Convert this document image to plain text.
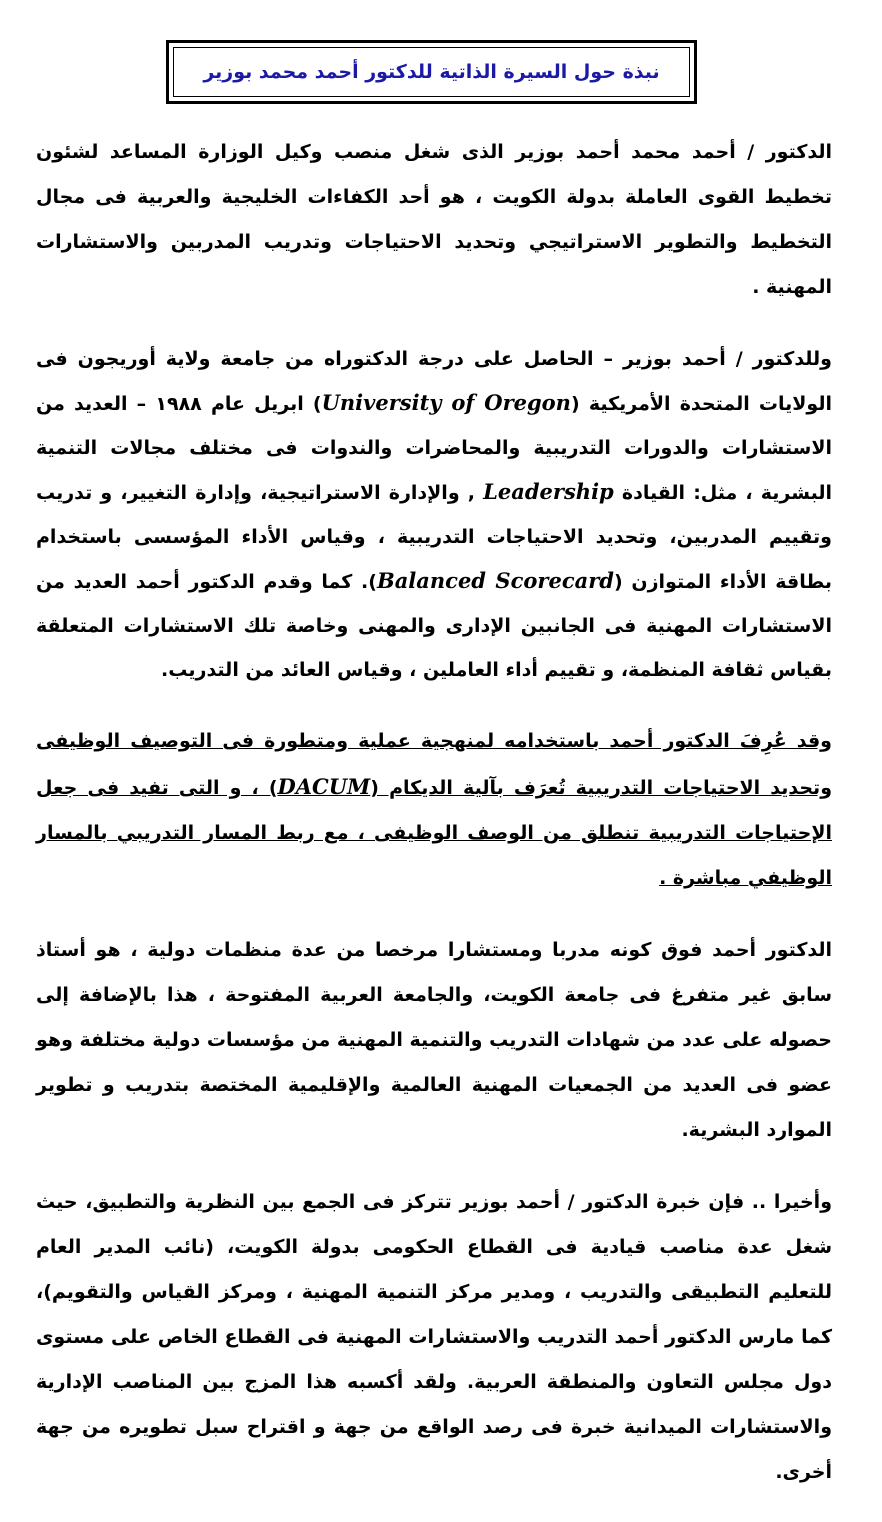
نبذة حول السيرة الذاتية للدكتور أحمد محمد بوزير

الدكتور / أحمد محمد أحمد بوزير الذى شغل منصب وكيل الوزارة المساعد لشئون تخطيط القوى العاملة بدولة الكويت ، هو أحد الكفاءات الخليجية والعربية فى مجال التخطيط والتطوير الاستراتيجي وتحديد الاحتياجات وتدريب المدربين والاستشارات المهنية .

وللدكتور / أحمد بوزير – الحاصل على درجة الدكتوراه من جامعة ولاية أوريجون فى الولايات المتحدة الأمريكية (University of Oregon) ابريل عام ١٩٨٨ – العديد من الاستشارات والدورات التدريبية والمحاضرات والندوات فى مختلف مجالات التنمية البشرية ، مثل: القيادة Leadership , والإدارة الاستراتيجية، وإدارة التغيير، و تدريب وتقييم المدربين، وتحديد الاحتياجات التدريبية ، وقياس الأداء المؤسسى باستخدام بطاقة الأداء المتوازن (Balanced Scorecard). كما وقدم الدكتور أحمد العديد من الاستشارات المهنية فى الجانبين الإدارى والمهنى وخاصة تلك الاستشارات المتعلقة بقياس ثقافة المنظمة، و تقييم أداء العاملين ، وقياس العائد من التدريب.

وقد عُرِفَ الدكتور أحمد باستخدامه لمنهجية عملية ومتطورة فى التوصيف الوظيفى وتحديد الاحتياجات التدريبية تُعرَف بآلية الديكام (DACUM) ، و التى تفيد فى جعل الإحتياجات التدريبية تنطلق من الوصف الوظيفى ، مع ربط المسار التدريبي بالمسار الوظيفي مباشرة .

الدكتور أحمد فوق كونه مدربا ومستشارا مرخصا من عدة منظمات دولية ، هو أستاذ سابق غير متفرغ فى جامعة الكويت، والجامعة العربية المفتوحة ، هذا بالإضافة إلى حصوله على عدد من شهادات التدريب والتنمية المهنية من مؤسسات دولية مختلفة وهو عضو فى العديد من الجمعيات المهنية العالمية والإقليمية المختصة بتدريب و تطوير الموارد البشرية.

وأخيرا .. فإن خبرة الدكتور / أحمد بوزير تتركز فى الجمع بين النظرية والتطبيق، حيث شغل عدة مناصب قيادية فى القطاع الحكومى بدولة الكويت، (نائب المدير العام للتعليم التطبيقى والتدريب ، ومدير مركز التنمية المهنية ، ومركز القياس والتقويم)، كما مارس الدكتور أحمد التدريب والاستشارات المهنية فى القطاع الخاص على مستوى دول مجلس التعاون والمنطقة العربية. ولقد أكسبه هذا المزج بين المناصب الإدارية والاستشارات الميدانية خبرة فى رصد الواقع من جهة و اقتراح سبل تطويره من جهة أخرى.
